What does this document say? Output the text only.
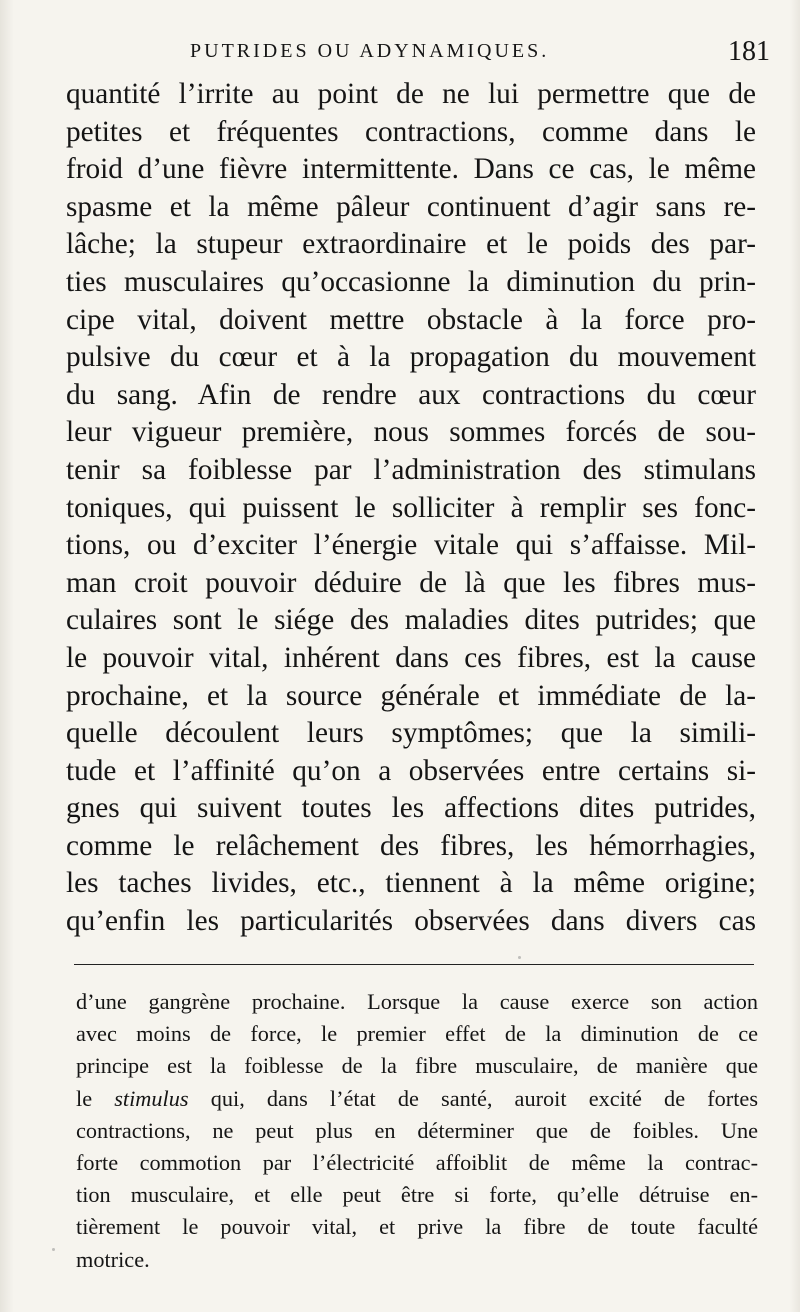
PUTRIDES OU ADYNAMIQUES.	181
quantité l’irrite au point de ne lui permettre que de
petites et fréquentes contractions, comme dans le
froid d’une fièvre intermittente. Dans ce cas, le même
spasme et la même pâleur continuent d’agir sans re-
lâche; la stupeur extraordinaire et le poids des par-
ties musculaires qu’occasionne la diminution du prin-
cipe vital, doivent mettre obstacle à la force pro-
pulsive du cœur et à la propagation du mouvement
du sang. Afin de rendre aux contractions du cœur
leur vigueur première, nous sommes forcés de sou-
tenir sa foiblesse par l’administration des stimulans
toniques, qui puissent le solliciter à remplir ses fonc-
tions, ou d’exciter l’énergie vitale qui s’affaisse. Mil-
man croit pouvoir déduire de là que les fibres mus-
culaires sont le siége des maladies dites putrides; que
le pouvoir vital, inhérent dans ces fibres, est la cause
prochaine, et la source générale et immédiate de la-
quelle découlent leurs symptômes; que la simili-
tude et l’affinité qu’on a observées entre certains si-
gnes qui suivent toutes les affections dites putrides,
comme le relâchement des fibres, les hémorrhagies,
les taches livides, etc., tiennent à la même origine;
qu’enfin les particularités observées dans divers cas
d’une gangrène prochaine. Lorsque la cause exerce son action
avec moins de force, le premier effet de la diminution de ce
principe est la foiblesse de la fibre musculaire, de manière que
le stimulus qui, dans l’état de santé, auroit excité de fortes
contractions, ne peut plus en déterminer que de foibles. Une
forte commotion par l’électricité affoiblit de même la contrac-
tion musculaire, et elle peut être si forte, qu’elle détruise en-
tièrement le pouvoir vital, et prive la fibre de toute faculté
motrice.
